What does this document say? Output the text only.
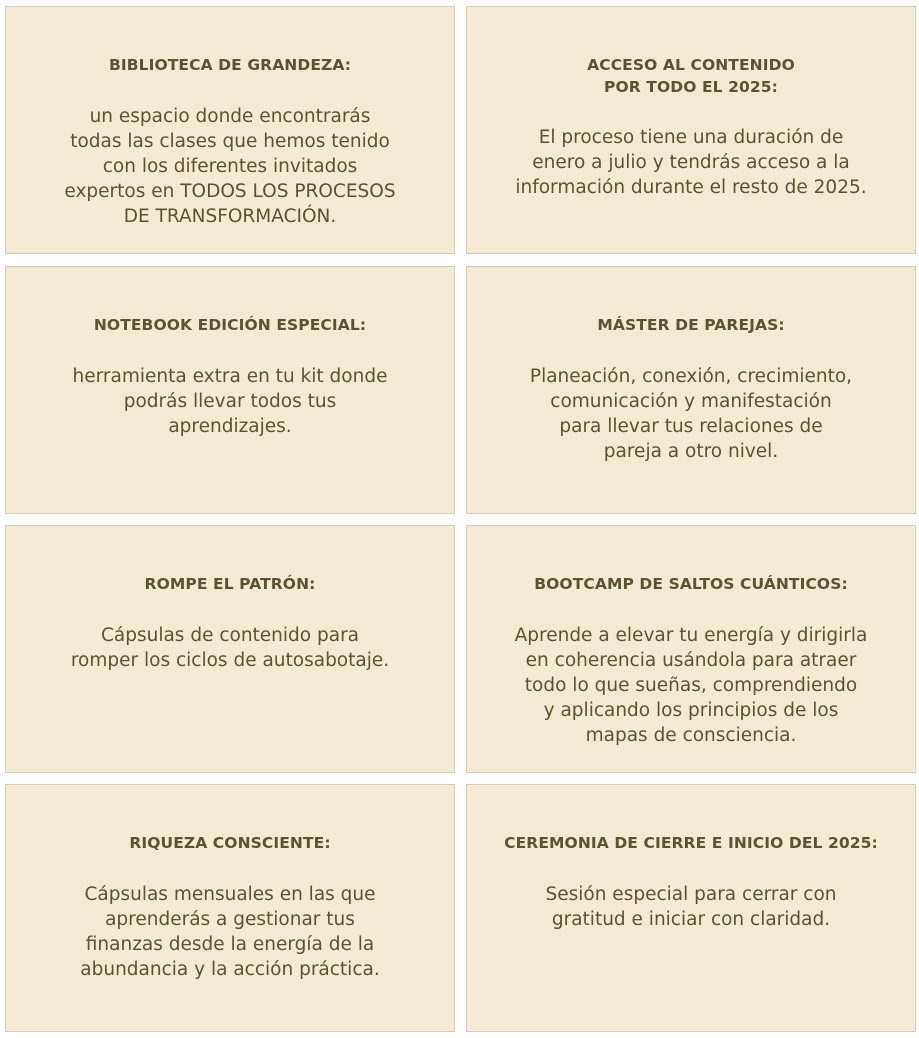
BIBLIOTECA DE GRANDEZA:
un espacio donde encontrarás
todas las clases que hemos tenido
con los diferentes invitados
expertos en TODOS LOS PROCESOS
DE TRANSFORMACIÓN.
ACCESO AL CONTENIDO
POR TODO EL 2025:
El proceso tiene una duración de
enero a julio y tendrás acceso a la
información durante el resto de 2025.
NOTEBOOK EDICIÓN ESPECIAL:
herramienta extra en tu kit donde
podrás llevar todos tus
aprendizajes.
MÁSTER DE PAREJAS:
Planeación, conexión, crecimiento,
comunicación y manifestación
para llevar tus relaciones de
pareja a otro nivel.
ROMPE EL PATRÓN:
Cápsulas de contenido para
romper los ciclos de autosabotaje.
BOOTCAMP DE SALTOS CUÁNTICOS:
Aprende a elevar tu energía y dirigirla
en coherencia usándola para atraer
todo lo que sueñas, comprendiendo
y aplicando los principios de los
mapas de consciencia.
RIQUEZA CONSCIENTE:
Cápsulas mensuales en las que
aprenderás a gestionar tus
finanzas desde la energía de la
abundancia y la acción práctica.
CEREMONIA DE CIERRE E INICIO DEL 2025:
Sesión especial para cerrar con
gratitud e iniciar con claridad.
